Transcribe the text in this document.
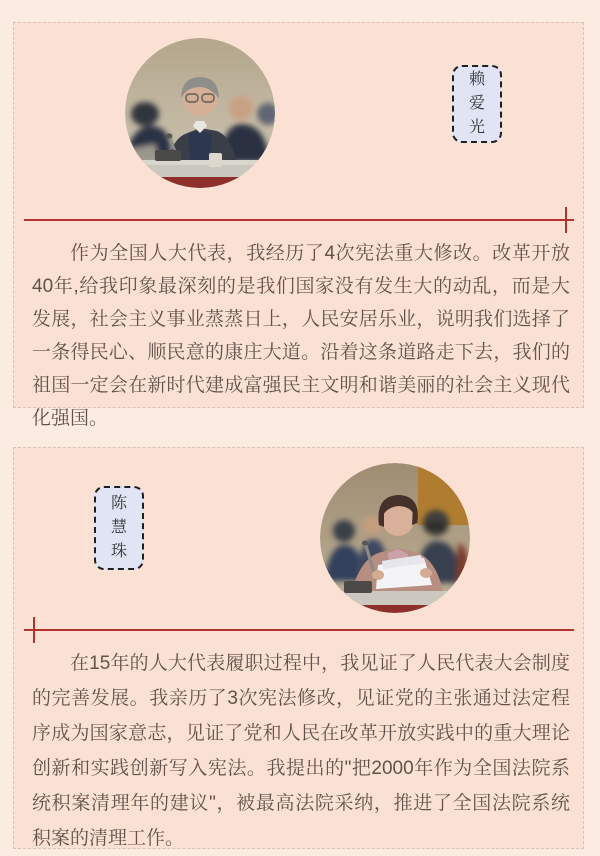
赖
爱
光

作为全国人大代表，我经历了4次宪法重大修改。改革开放40年,给我印象最深刻的是我们国家没有发生大的动乱，而是大发展，社会主义事业蒸蒸日上，人民安居乐业，说明我们选择了一条得民心、顺民意的康庄大道。沿着这条道路走下去，我们的祖国一定会在新时代建成富强民主文明和谐美丽的社会主义现代化强国。

陈
慧
珠

在15年的人大代表履职过程中，我见证了人民代表大会制度的完善发展。我亲历了3次宪法修改，见证党的主张通过法定程序成为国家意志，见证了党和人民在改革开放实践中的重大理论创新和实践创新写入宪法。我提出的"把2000年作为全国法院系统积案清理年的建议"，被最高法院采纳，推进了全国法院系统积案的清理工作。
